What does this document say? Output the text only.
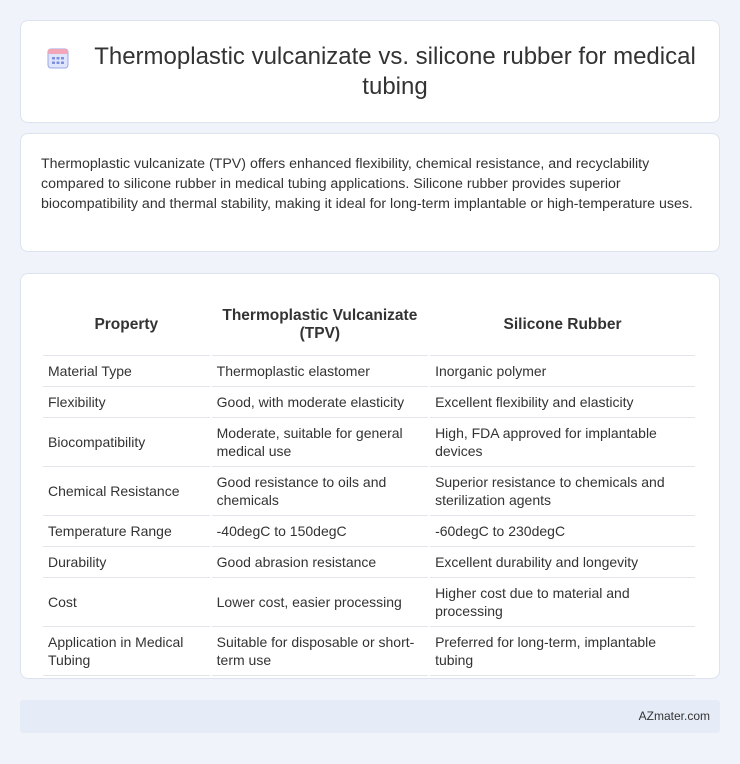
Thermoplastic vulcanizate vs. silicone rubber for medical tubing

Thermoplastic vulcanizate (TPV) offers enhanced flexibility, chemical resistance, and recyclability compared to silicone rubber in medical tubing applications. Silicone rubber provides superior biocompatibility and thermal stability, making it ideal for long-term implantable or high-temperature uses.

Property	Thermoplastic Vulcanizate (TPV)	Silicone Rubber
Material Type	Thermoplastic elastomer	Inorganic polymer
Flexibility	Good, with moderate elasticity	Excellent flexibility and elasticity
Biocompatibility	Moderate, suitable for general medical use	High, FDA approved for implantable devices
Chemical Resistance	Good resistance to oils and chemicals	Superior resistance to chemicals and sterilization agents
Temperature Range	-40degC to 150degC	-60degC to 230degC
Durability	Good abrasion resistance	Excellent durability and longevity
Cost	Lower cost, easier processing	Higher cost due to material and processing
Application in Medical Tubing	Suitable for disposable or short-term use	Preferred for long-term, implantable tubing
AZmater.com
